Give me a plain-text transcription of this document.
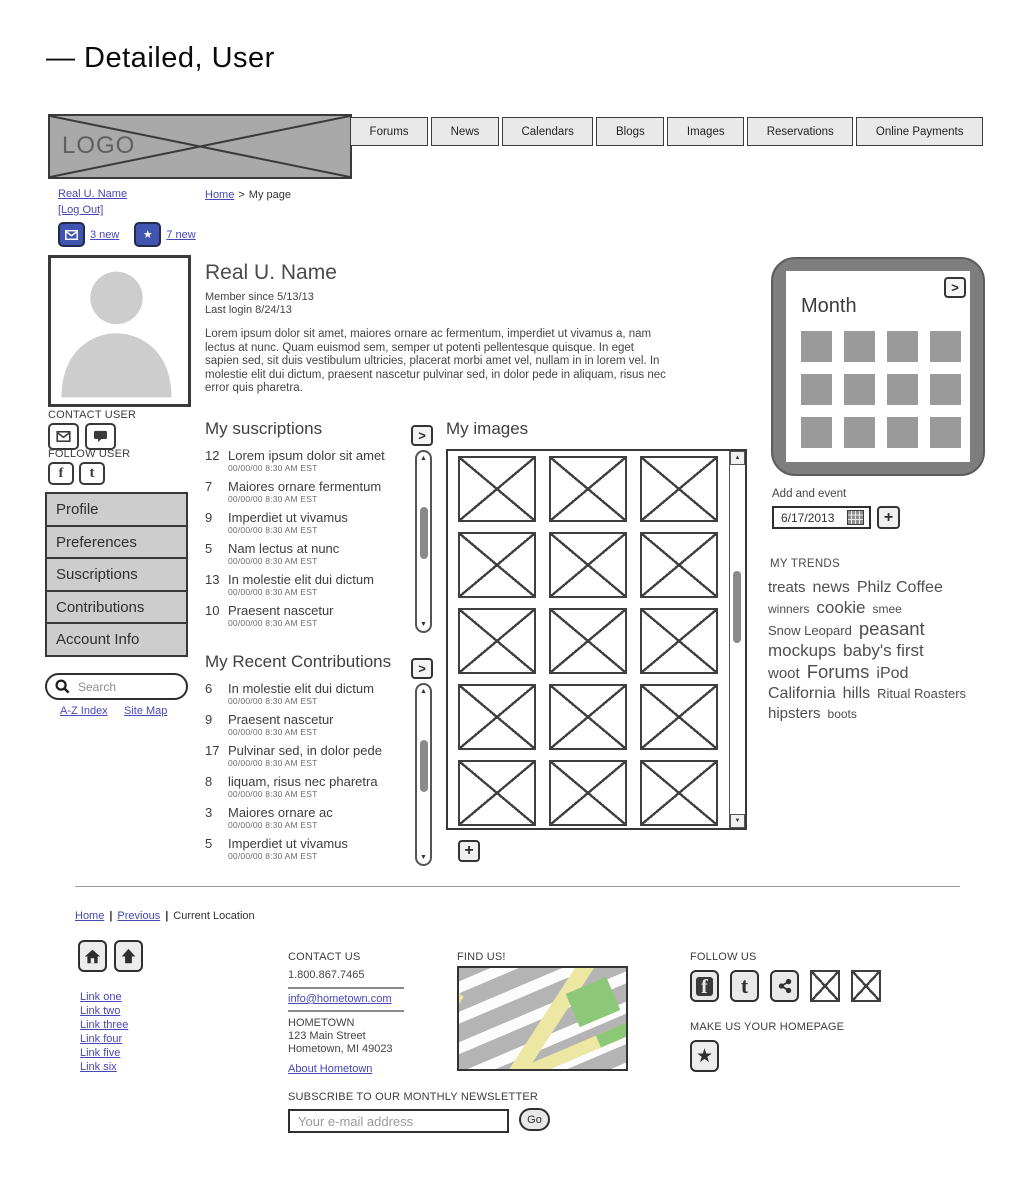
— Detailed, User
LOGO
Forums	News	Calendars	Blogs	Images	Reservations	Online Payments
Real U. Name
[Log Out]
3 new ★ 7 new
Home > My page
CONTACT USER
FOLLOW USER
f	t
Profile
Preferences
Suscriptions
Contributions
Account Info
Search
A-Z Index Site Map
Real U. Name
Member since 5/13/13
Last login 8/24/13
Lorem ipsum dolor sit amet, maiores ornare ac fermentum, imperdiet ut vivamus a, nam lectus at nunc. Quam euismod sem, semper ut potenti pellentesque quisque. In eget sapien sed, sit duis vestibulum ultricies, placerat morbi amet vel, nullam in in lorem vel. In molestie elit dui dictum, praesent nascetur pulvinar sed, in dolor pede in aliquam, risus nec error quis pharetra.
My suscriptions	>
12 Lorem ipsum dolor sit amet
00/00/00 8:30 AM EST
7	Maiores ornare fermentum
00/00/00 8:30 AM EST
9	Imperdiet ut vivamus
00/00/00 8:30 AM EST
5	Nam lectus at nunc
00/00/00 8:30 AM EST
13 In molestie elit dui dictum
00/00/00 8:30 AM EST
10 Praesent nascetur
00/00/00 8:30 AM EST
▲
▼
My Recent Contributions	>
6	In molestie elit dui dictum
00/00/00 8:30 AM EST
9	Praesent nascetur
00/00/00 8:30 AM EST
17 Pulvinar sed, in dolor pede
00/00/00 8:30 AM EST
8	liquam, risus nec pharetra
00/00/00 8:30 AM EST
3	Maiores ornare ac
00/00/00 8:30 AM EST
5	Imperdiet ut vivamus
00/00/00 8:30 AM EST
▲
▼
My images
▲
▼
+
>
Month
Add and event
6/17/2013
+
MY TRENDS
treats news Philz Coffee winners cookie smee Snow Leopard peasant mockups baby's first woot Forums iPod California hills Ritual Roasters hipsters boots
Home | Previous | Current Location
Link one
Link two
Link three
Link four
Link five
Link six
CONTACT US
1.800.867.7465
info@hometown.com
HOMETOWN
123 Main Street
Hometown, MI 49023
About Hometown
FIND US!	FOLLOW US
f t
MAKE US YOUR HOMEPAGE
★
SUBSCRIBE TO OUR MONTHLY NEWSLETTER
Your e-mail address
Go
